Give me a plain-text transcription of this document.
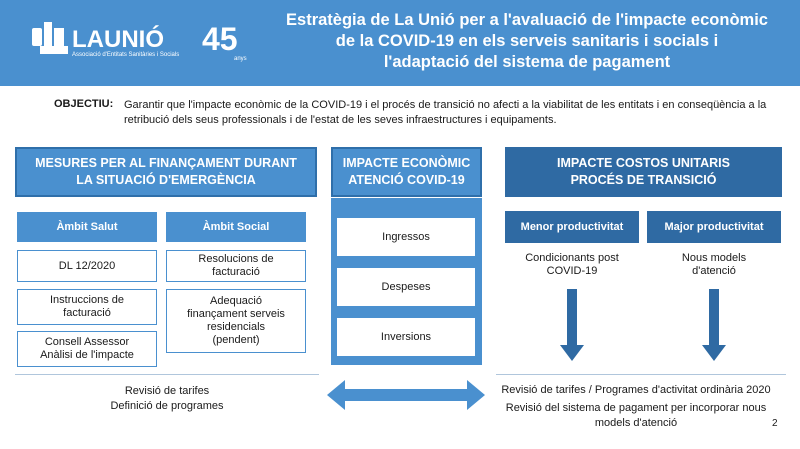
LAUNIÓ
Associació d'Entitats Sanitàries i Socials 45
anys
Estratègia de La Unió per a l'avaluació de l'impacte econòmic
de la COVID-19 en els serveis sanitaris i socials i
l'adaptació del sistema de pagament
OBJECTIU: Garantir que l'impacte econòmic de la COVID-19 i el procés de transició no afecti a la viabilitat de les entitats i en conseqüència a la retribució dels seus professionals i de l'estat de les seves infraestructures i equipaments.
MESURES PER AL FINANÇAMENT DURANT
LA SITUACIÓ D'EMERGÈNCIA
Àmbit Salut	Àmbit Social
DL 12/2020
Instruccions de facturació
Consell Assessor Anàlisi de l'impacte
Resolucions de facturació
Adequació finançament serveis residencials (pendent)
Revisió de tarifes
Definició de programes
IMPACTE ECONÒMIC
ATENCIÓ COVID-19
Ingressos
Despeses
Inversions
IMPACTE COSTOS UNITARIS
PROCÉS DE TRANSICIÓ
Menor productivitat	Major productivitat
Condicionants post COVID-19
Nous models d'atenció
Revisió de tarifes / Programes d'activitat ordinària 2020
Revisió del sistema de pagament per incorporar nous
models d'atenció	2
